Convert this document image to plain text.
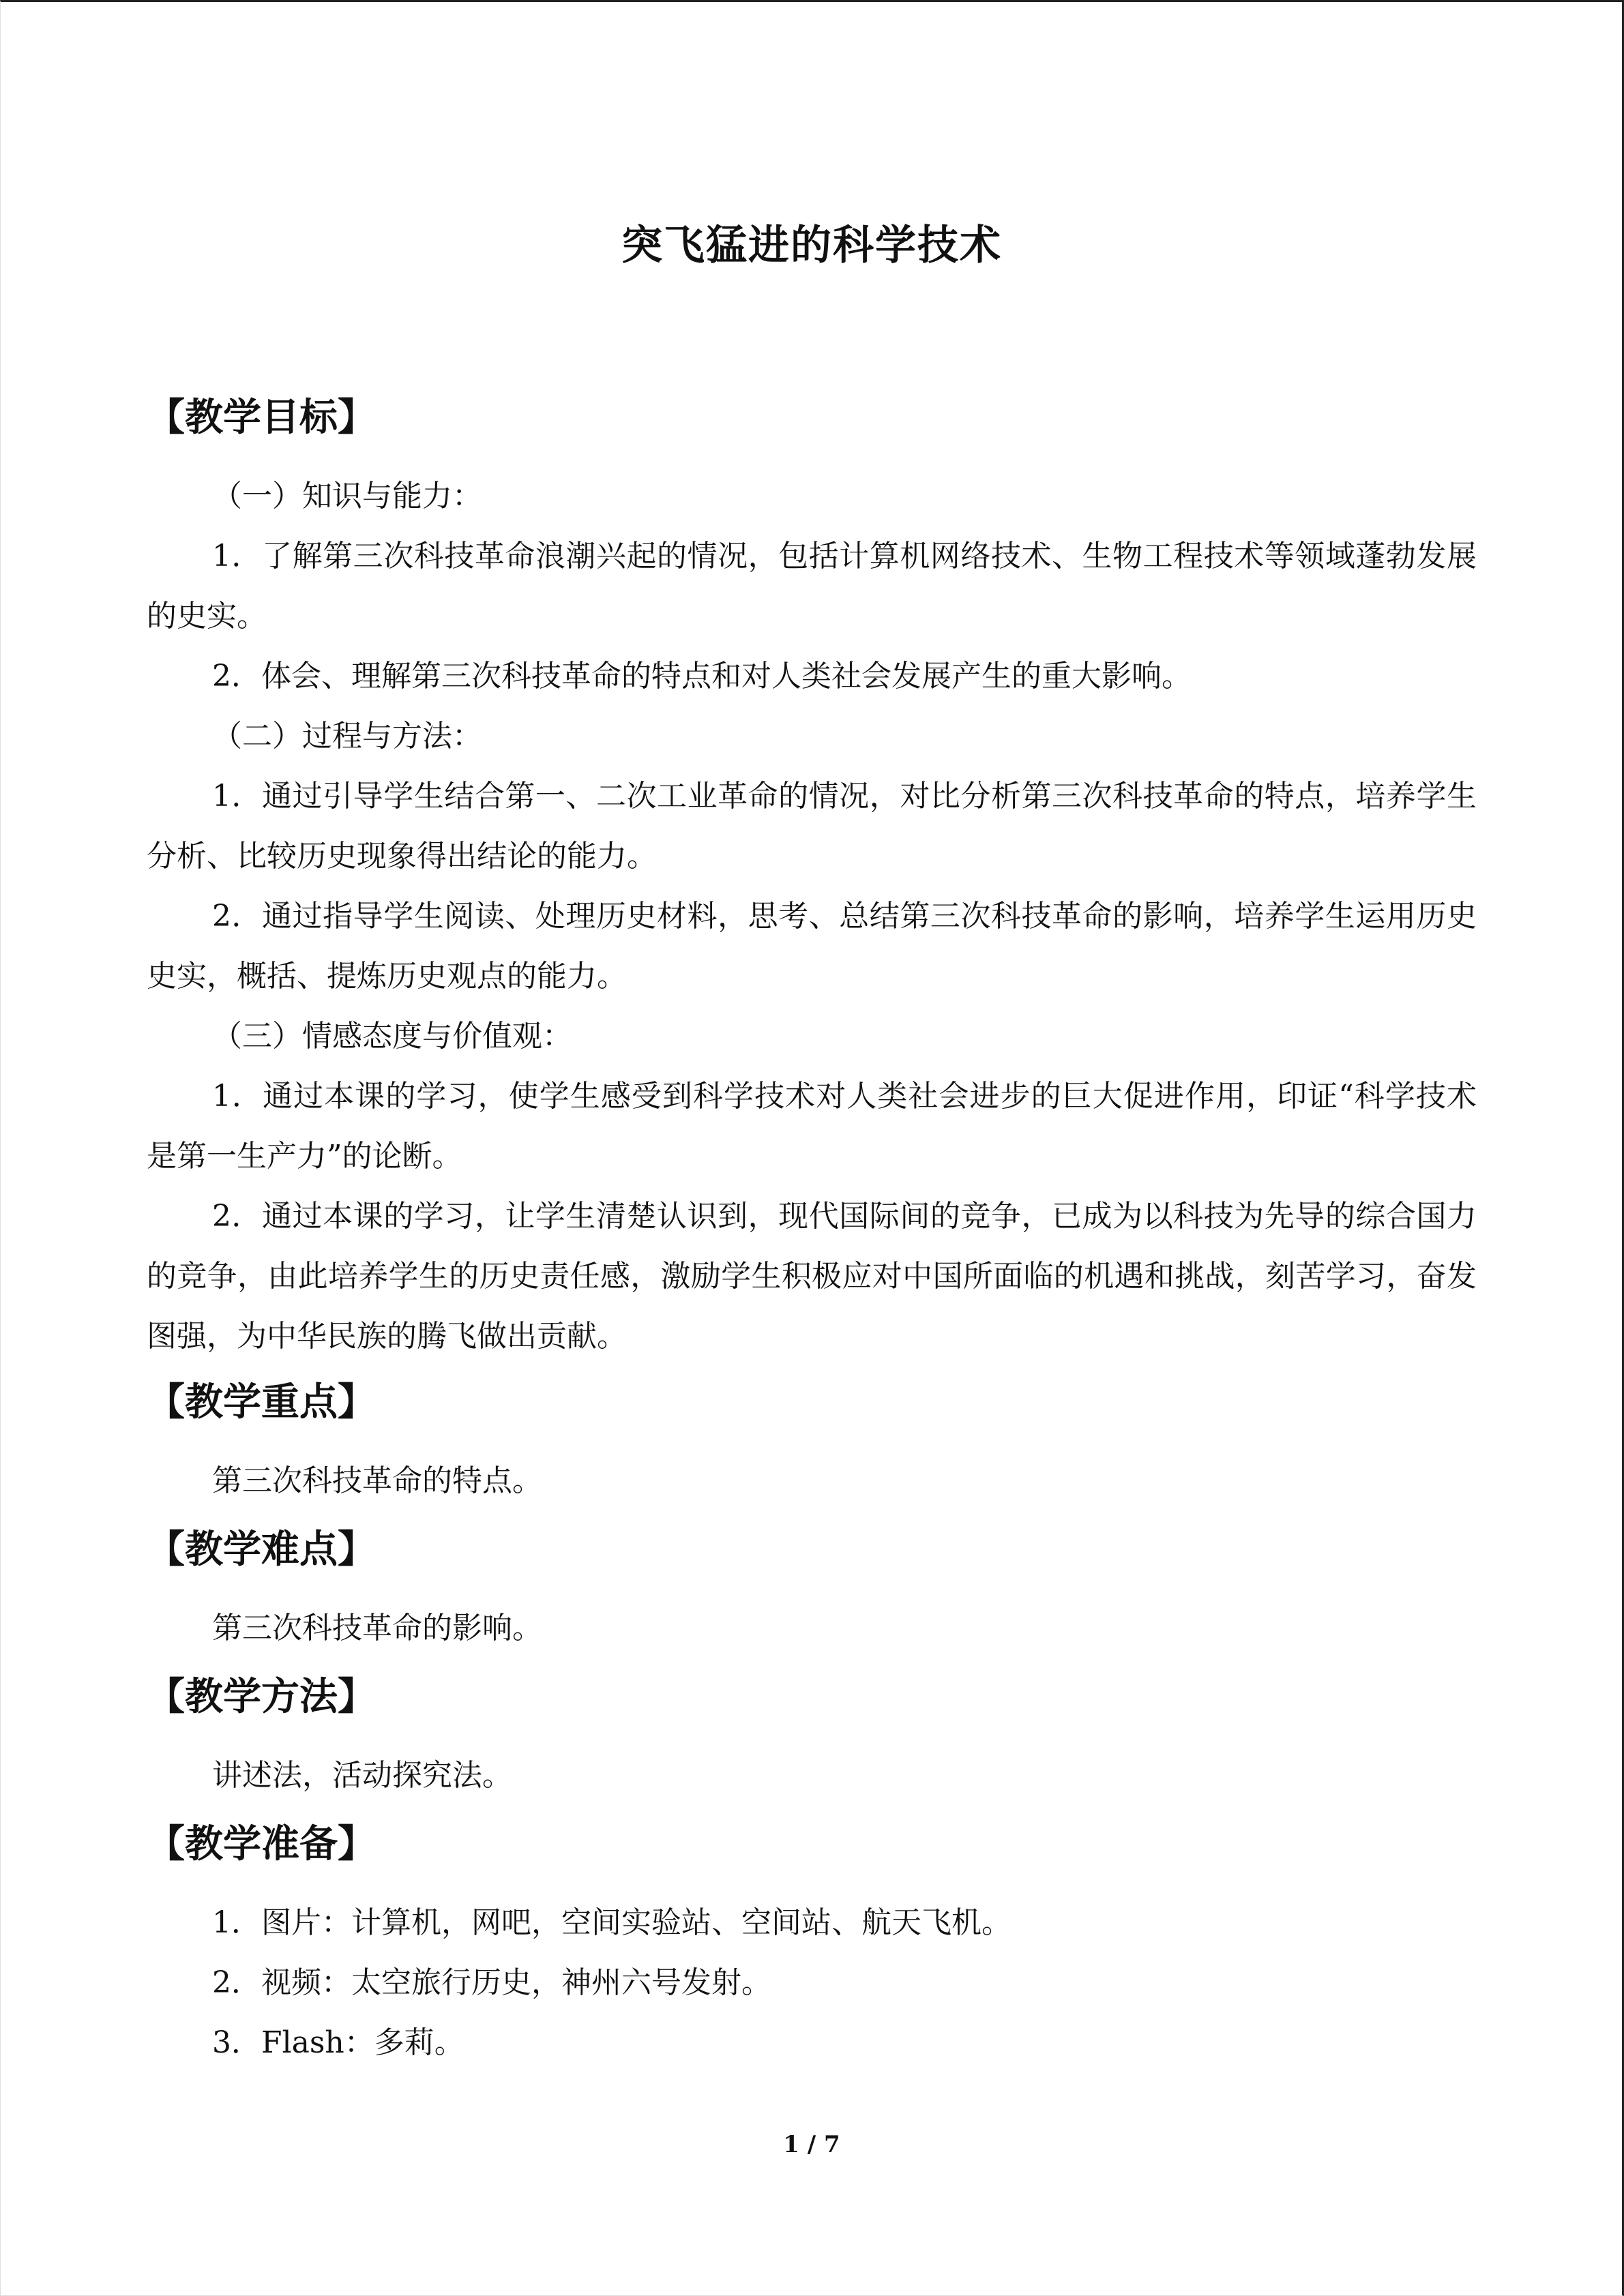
突飞猛进的科学技术
【教学目标】
（一）知识与能力：
1．了解第三次科技革命浪潮兴起的情况，包括计算机网络技术、生物工程技术等领域蓬勃发展的史实。
2．体会、理解第三次科技革命的特点和对人类社会发展产生的重大影响。
（二）过程与方法：
1．通过引导学生结合第一、二次工业革命的情况，对比分析第三次科技革命的特点，培养学生分析、比较历史现象得出结论的能力。
2．通过指导学生阅读、处理历史材料，思考、总结第三次科技革命的影响，培养学生运用历史史实，概括、提炼历史观点的能力。
（三）情感态度与价值观：
1．通过本课的学习，使学生感受到科学技术对人类社会进步的巨大促进作用，印证“科学技术是第一生产力”的论断。
2．通过本课的学习，让学生清楚认识到，现代国际间的竞争，已成为以科技为先导的综合国力的竞争，由此培养学生的历史责任感，激励学生积极应对中国所面临的机遇和挑战，刻苦学习，奋发图强，为中华民族的腾飞做出贡献。
【教学重点】
第三次科技革命的特点。
【教学难点】
第三次科技革命的影响。
【教学方法】
讲述法，活动探究法。
【教学准备】
1．图片：计算机，网吧，空间实验站、空间站、航天飞机。
2．视频：太空旅行历史，神州六号发射。
3．Flash：多莉。
1 / 7
